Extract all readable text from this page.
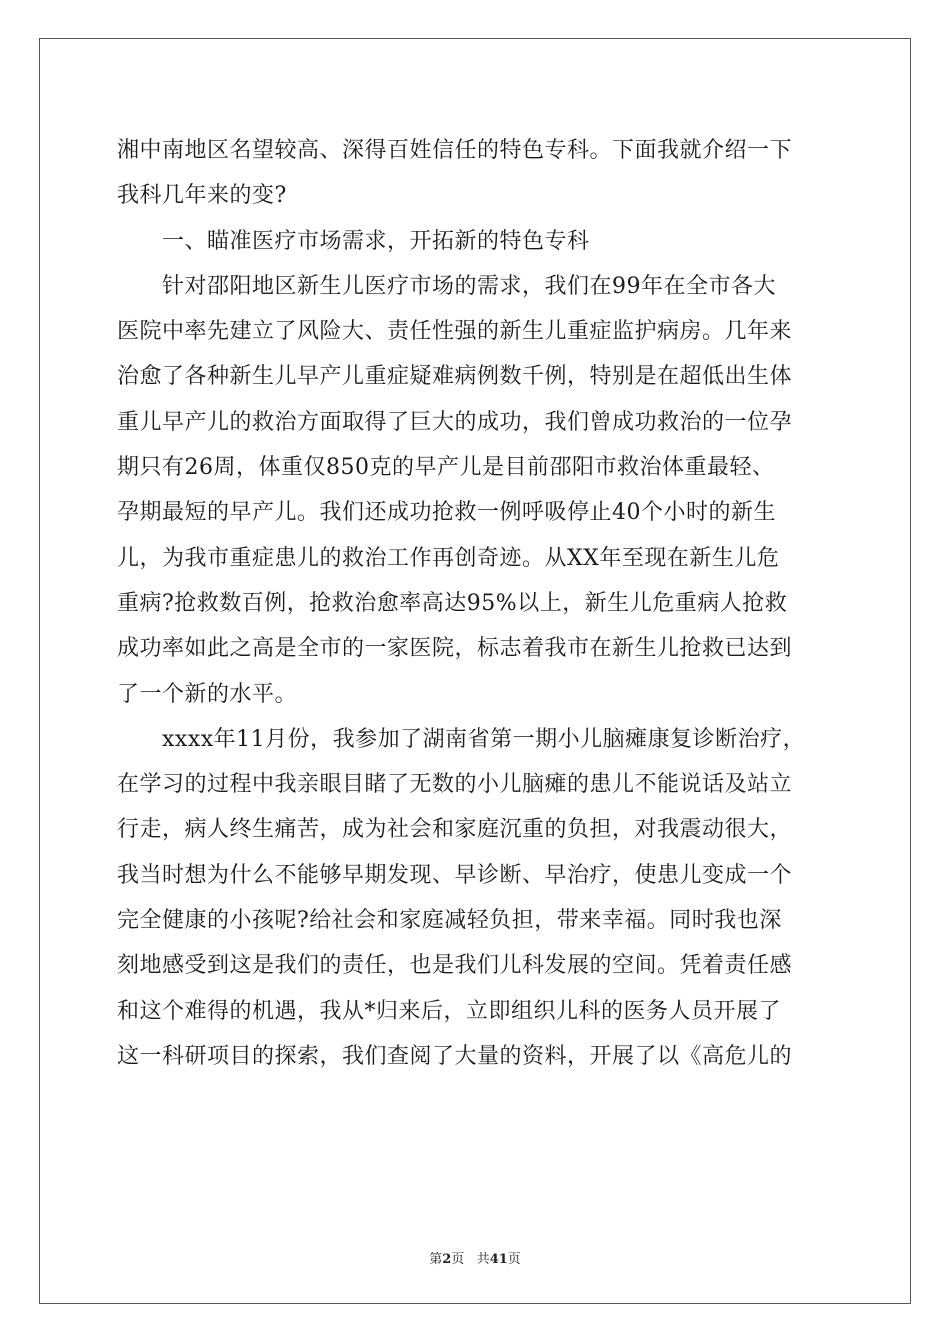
湘中南地区名望较高、深得百姓信任的特色专科。下面我就介绍一下
我科几年来的变?
　　一、瞄准医疗市场需求，开拓新的特色专科
　　针对邵阳地区新生儿医疗市场的需求，我们在99年在全市各大
医院中率先建立了风险大、责任性强的新生儿重症监护病房。几年来
治愈了各种新生儿早产儿重症疑难病例数千例，特别是在超低出生体
重儿早产儿的救治方面取得了巨大的成功，我们曾成功救治的一位孕
期只有26周，体重仅850克的早产儿是目前邵阳市救治体重最轻、
孕期最短的早产儿。我们还成功抢救一例呼吸停止40个小时的新生
儿，为我市重症患儿的救治工作再创奇迹。从XX年至现在新生儿危
重病?抢救数百例，抢救治愈率高达95%以上，新生儿危重病人抢救
成功率如此之高是全市的一家医院，标志着我市在新生儿抢救已达到
了一个新的水平。
　　xxxx年11月份，我参加了湖南省第一期小儿脑瘫康复诊断治疗，
在学习的过程中我亲眼目睹了无数的小儿脑瘫的患儿不能说话及站立
行走，病人终生痛苦，成为社会和家庭沉重的负担，对我震动很大，
我当时想为什么不能够早期发现、早诊断、早治疗，使患儿变成一个
完全健康的小孩呢?给社会和家庭减轻负担，带来幸福。同时我也深
刻地感受到这是我们的责任，也是我们儿科发展的空间。凭着责任感
和这个难得的机遇，我从*归来后，立即组织儿科的医务人员开展了
这一科研项目的探索，我们查阅了大量的资料，开展了以《高危儿的
第2页 共41页
